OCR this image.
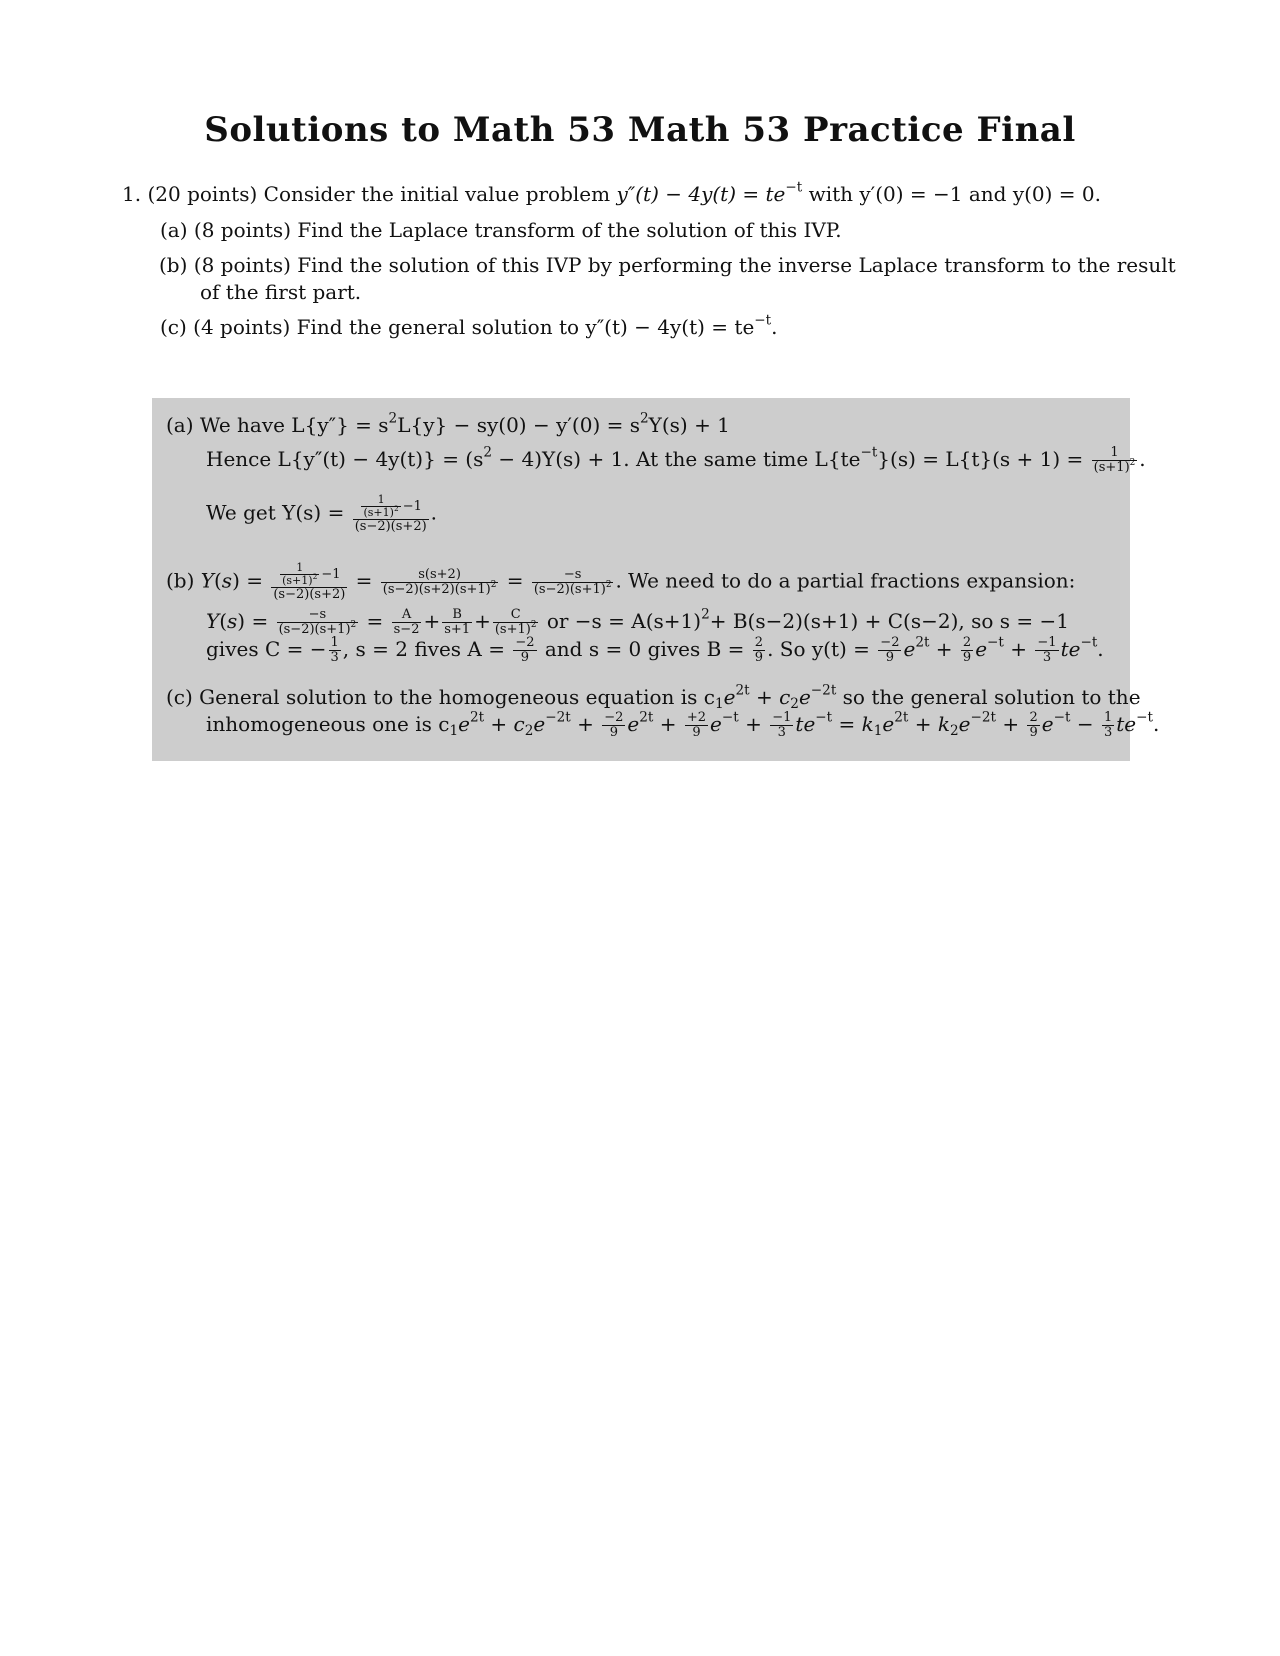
Solutions to Math 53 Math 53 Practice Final
1. (20 points) Consider the initial value problem $y''(t) - 4y(t) = te^{-t}$ with y′(0) = −1 and y(0) = 0.
(a) (8 points) Find the Laplace transform of the solution of this IVP.
(b) (8 points) Find the solution of this IVP by performing the inverse Laplace transform to the result
of the first part.
(c) (4 points) Find the general solution to $y''(t) - 4y(t) = te^{-t}$.
(a) We have $L\{y''\} = s^2L\{y\} - sy(0) - y'(0) = s^2Y(s) + 1$
Hence $L\{y''(t) - 4y(t)\} = (s^2 - 4)Y(s) + 1$. At the same time $L\{te^{-t}\}(s) = L\{t\}(s + 1) = \frac{1}{(s+1)^2}$ .
We get $Y(s) = \frac{\frac{1}{(s+1)^2} -1}{(s-2)(s+2)}$ .
(b) $Y(s) = \frac{\frac{1}{(s+1)^2} -1}{(s-2)(s+2)} = \frac{s(s+2)}{(s-2)(s+2)(s+1)^2} = \frac{-s}{(s-2)(s+1)^2}$ . We need to do a partial fractions expansion:
$Y(s) = \frac{-s}{(s-2)(s+1)^2} = \frac{A}{s-2} + \frac{B}{s+1} + \frac{C}{(s+1)^2}$ or $-s = A(s+1)^2+ B(s-2)(s+1) + C(s-2)$, so s = −1
gives C = − $\frac{1}{3}$ , s = 2 fives $A = \frac{-2}{9}$ and s = 0 gives $B = \frac{2}{9}$ . So $y(t) = \frac{-2}{9} e^{2t} + \frac{2}{9} e^{-t} + \frac{-1}{3} te^{-t}$.
(c) General solution to the homogeneous equation is $c_1e^{2t} + c_2e^{-2t}$ so the general solution to the
inhomogeneous one is $c_1e^{2t} + c_2e^{-2t} + \frac{-2}{9} e^{2t} + \frac{+2}{9} e^{-t} + \frac{-1}{3} te^{-t} = k_1e^{2t} + k_2e^{-2t} + \frac{2}{9} e^{-t} - \frac{1}{3} te^{-t}$.
